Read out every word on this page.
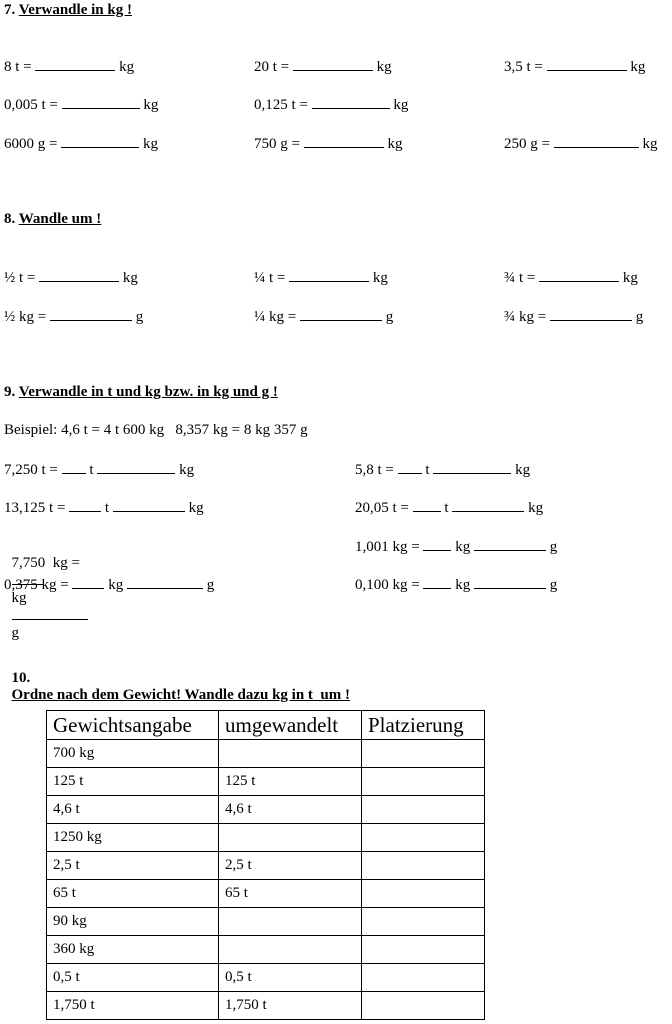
7. Verwandle in kg !
8 t =	kg	20 t =	kg	3,5 t =	kg
0,005 t =	kg	0,125 t =	kg
6000 g =	kg	750 g =	kg	250 g =	kg
8. Wandle um !
½ t =	kg	¼ t =	kg	¾ t =	kg
½ kg =	g	¼ kg =	g	¾ kg =	g
9. Verwandle in t und kg bzw. in kg und g !
Beispiel: 4,6 t = 4 t 600 kg   8,357 kg = 8 kg 357 g
7,250 t = t	kg	5,8 t = t	kg
13,125 t =	t	kg	20,05 t = t	kg

7,750  kg =

kg

g

1,001 kg = kg	g
0,375 kg =	kg	g	0,100 kg = kg	g

10.
Ordne nach dem Gewicht! Wandle dazu kg in t  um !

Gewichtsangabe	umgewandelt	Platzierung
700 kg		
125 t	125 t	
4,6 t	4,6 t	
1250 kg		
2,5 t	2,5 t	
65 t	65 t	
90 kg		
360 kg		
0,5 t	0,5 t	
1,750 t	1,750 t	
